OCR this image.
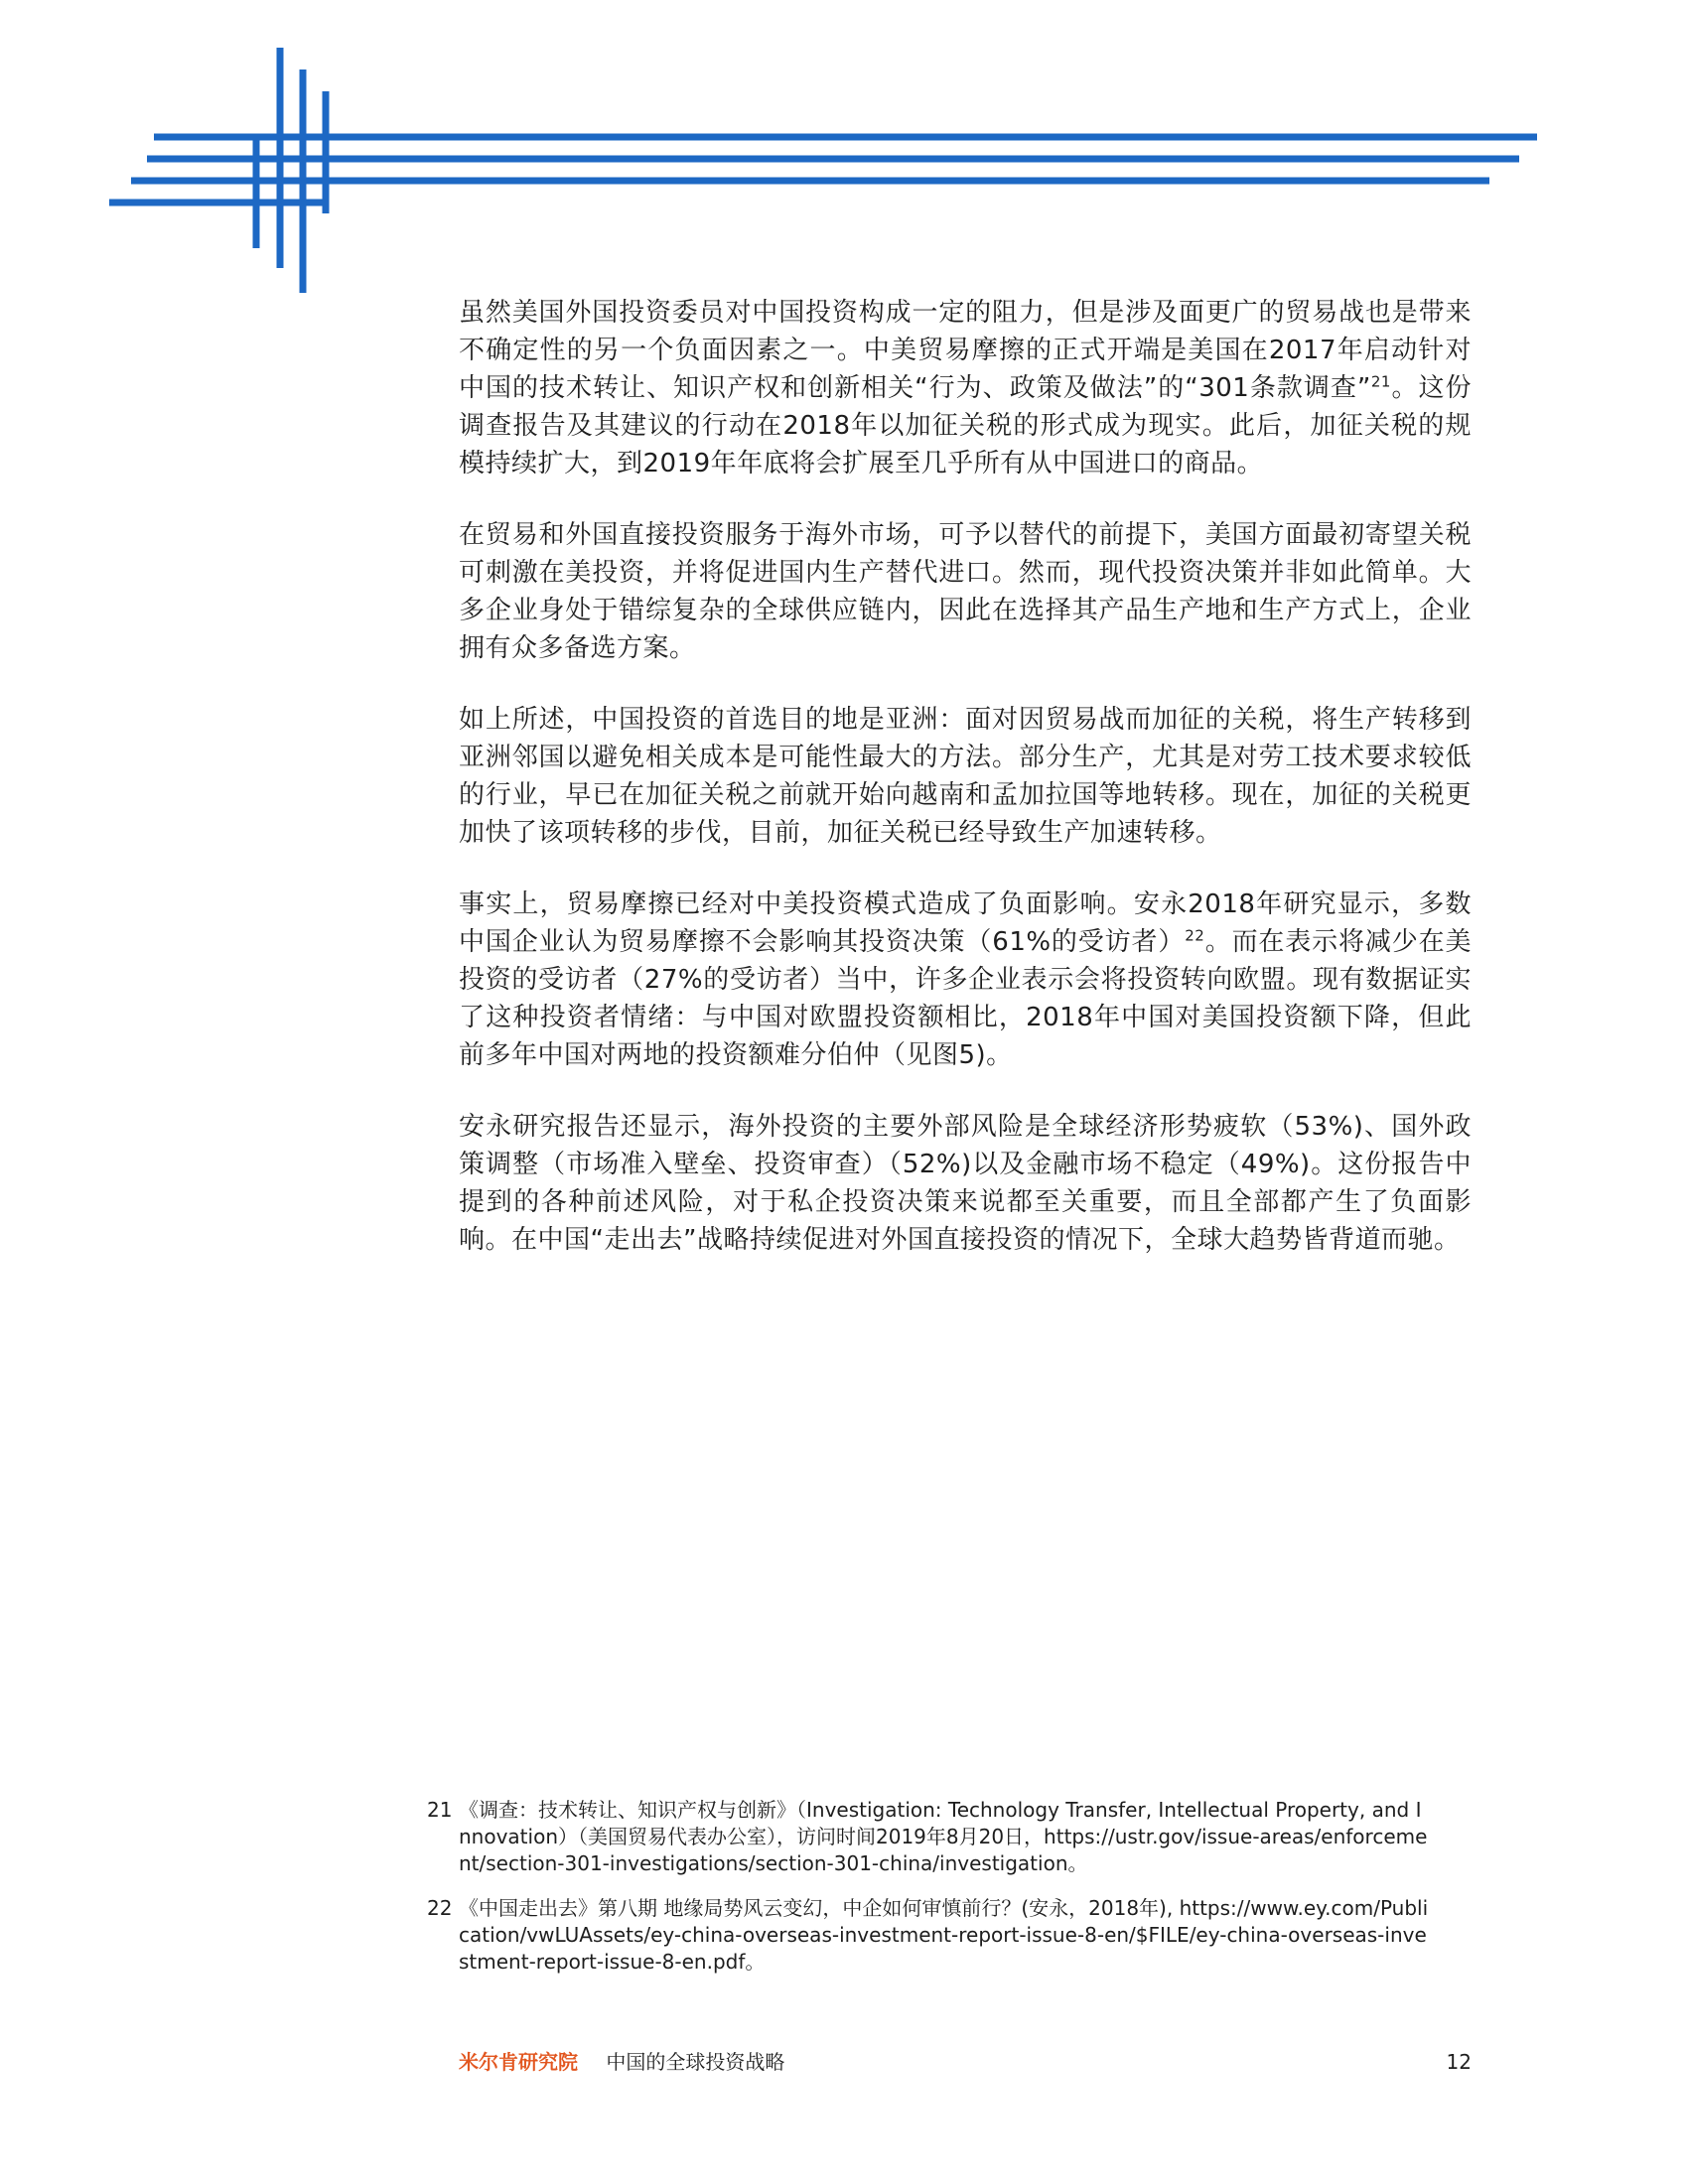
虽然美国外国投资委员对中国投资构成一定的阻力，但是涉及面更广的贸易战也是带来不确定性的另一个负面因素之一。中美贸易摩擦的正式开端是美国在2017年启动针对中国的技术转让、知识产权和创新相关“行为、政策及做法”的“301条款调查”$^{21}$。这份调查报告及其建议的行动在2018年以加征关税的形式成为现实。此后，加征关税的规模持续扩大，到2019年年底将会扩展至几乎所有从中国进口的商品。

在贸易和外国直接投资服务于海外市场，可予以替代的前提下，美国方面最初寄望关税可刺激在美投资，并将促进国内生产替代进口。然而，现代投资决策并非如此简单。大多企业身处于错综复杂的全球供应链内，因此在选择其产品生产地和生产方式上，企业拥有众多备选方案。

如上所述，中国投资的首选目的地是亚洲：面对因贸易战而加征的关税，将生产转移到亚洲邻国以避免相关成本是可能性最大的方法。部分生产，尤其是对劳工技术要求较低的行业，早已在加征关税之前就开始向越南和孟加拉国等地转移。现在，加征的关税更加快了该项转移的步伐，目前，加征关税已经导致生产加速转移。

事实上，贸易摩擦已经对中美投资模式造成了负面影响。安永2018年研究显示，多数中国企业认为贸易摩擦不会影响其投资决策（61%的受访者）$^{22}$。而在表示将减少在美投资的受访者（27%的受访者）当中，许多企业表示会将投资转向欧盟。现有数据证实了这种投资者情绪：与中国对欧盟投资额相比，2018年中国对美国投资额下降，但此前多年中国对两地的投资额难分伯仲（见图5)。

安永研究报告还显示，海外投资的主要外部风险是全球经济形势疲软（53%)、国外政策调整（市场准入壁垒、投资审查）（52%)以及金融市场不稳定（49%)。这份报告中提到的各种前述风险，对于私企投资决策来说都至关重要，而且全部都产生了负面影响。在中国“走出去”战略持续促进对外国直接投资的情况下，全球大趋势皆背道而驰。

21 《调查：技术转让、知识产权与创新》（Investigation: Technology Transfer, Intellectual Property, and Innovation）（美国贸易代表办公室），访问时间2019年8月20日，https://ustr.gov/issue-areas/enforcement/section-301-investigations/section-301-china/investigation。
22 《中国走出去》第八期 地缘局势风云变幻，中企如何审慎前行？(安永，2018年), https://www.ey.com/Publication/vwLUAssets/ey-china-overseas-investment-report-issue-8-en/$FILE/ey-china-overseas-investment-report-issue-8-en.pdf。
米尔肯研究院 中国的全球投资战略	12
